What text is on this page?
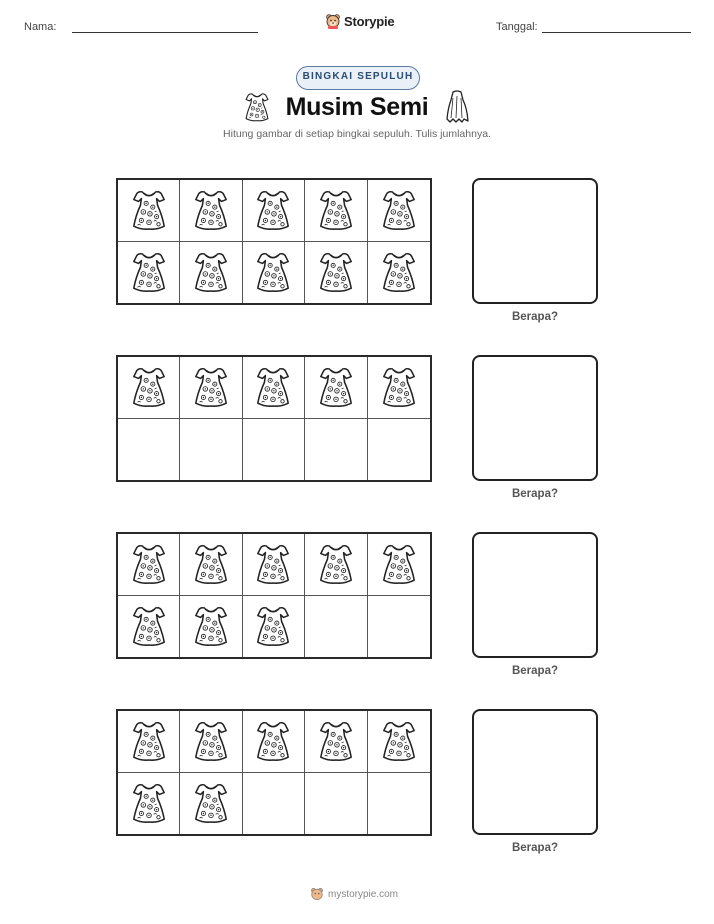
Nama:	Storypie	Tanggal:
BINGKAI SEPULUH
Musim Semi
Hitung gambar di setiap bingkai sepuluh. Tulis jumlahnya.
Berapa?
Berapa?
Berapa?
Berapa?
mystorypie.com
